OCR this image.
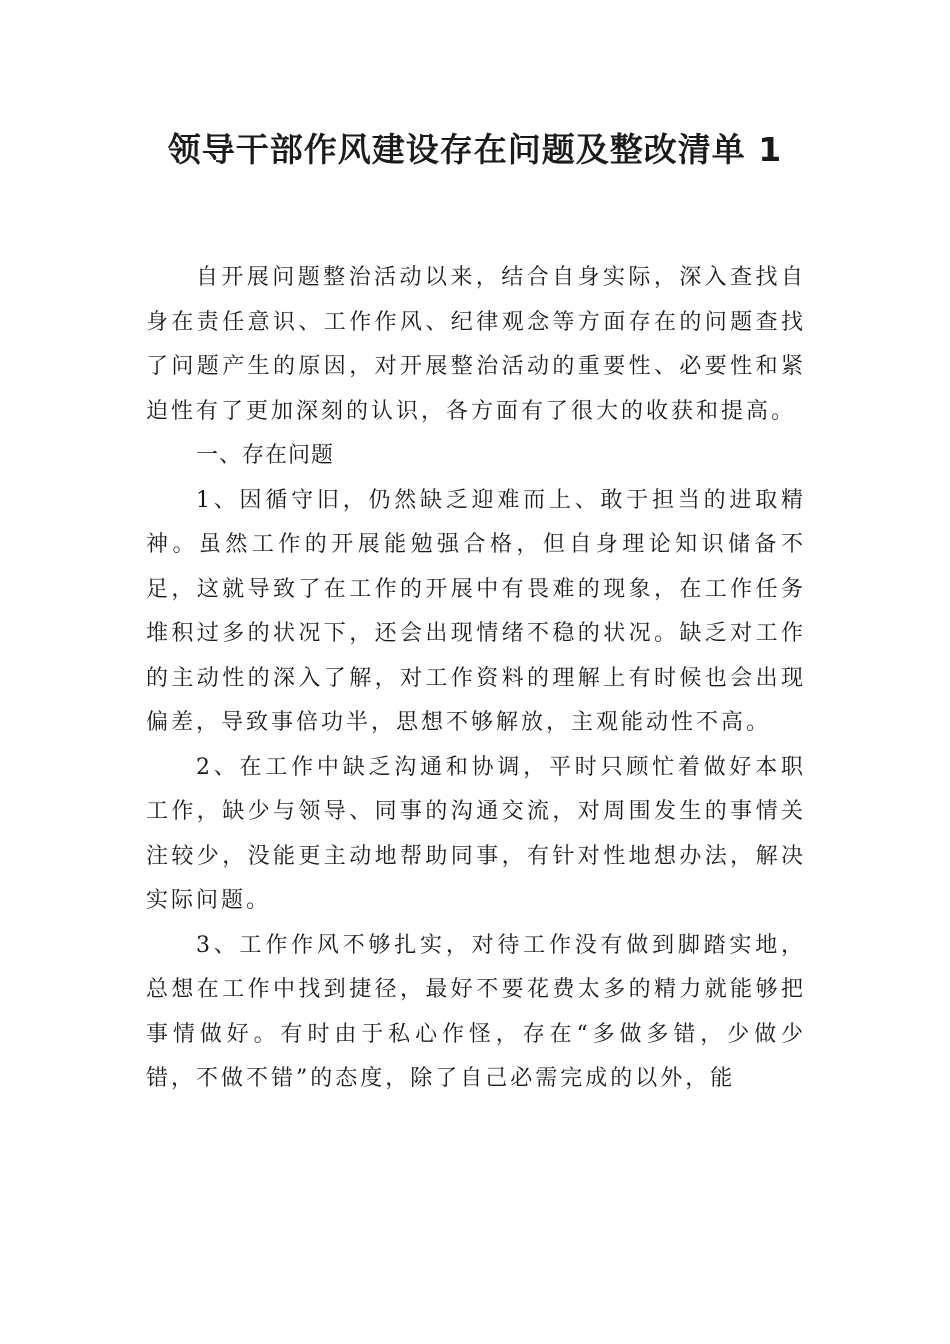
领导干部作风建设存在问题及整改清单 1

自开展问题整治活动以来，结合自身实际，深入查找自身在责任意识、工作作风、纪律观念等方面存在的问题查找了问题产生的原因，对开展整治活动的重要性、必要性和紧迫性有了更加深刻的认识，各方面有了很大的收获和提高。

一、存在问题

1、因循守旧，仍然缺乏迎难而上、敢于担当的进取精神。虽然工作的开展能勉强合格，但自身理论知识储备不足，这就导致了在工作的开展中有畏难的现象，在工作任务堆积过多的状况下，还会出现情绪不稳的状况。缺乏对工作的主动性的深入了解，对工作资料的理解上有时候也会出现偏差，导致事倍功半，思想不够解放，主观能动性不高。

2、在工作中缺乏沟通和协调，平时只顾忙着做好本职工作，缺少与领导、同事的沟通交流，对周围发生的事情关注较少，没能更主动地帮助同事，有针对性地想办法，解决实际问题。

3、工作作风不够扎实，对待工作没有做到脚踏实地，总想在工作中找到捷径，最好不要花费太多的精力就能够把事情做好。有时由于私心作怪，存在“多做多错，少做少错，不做不错”的态度，除了自己必需完成的以外，能
